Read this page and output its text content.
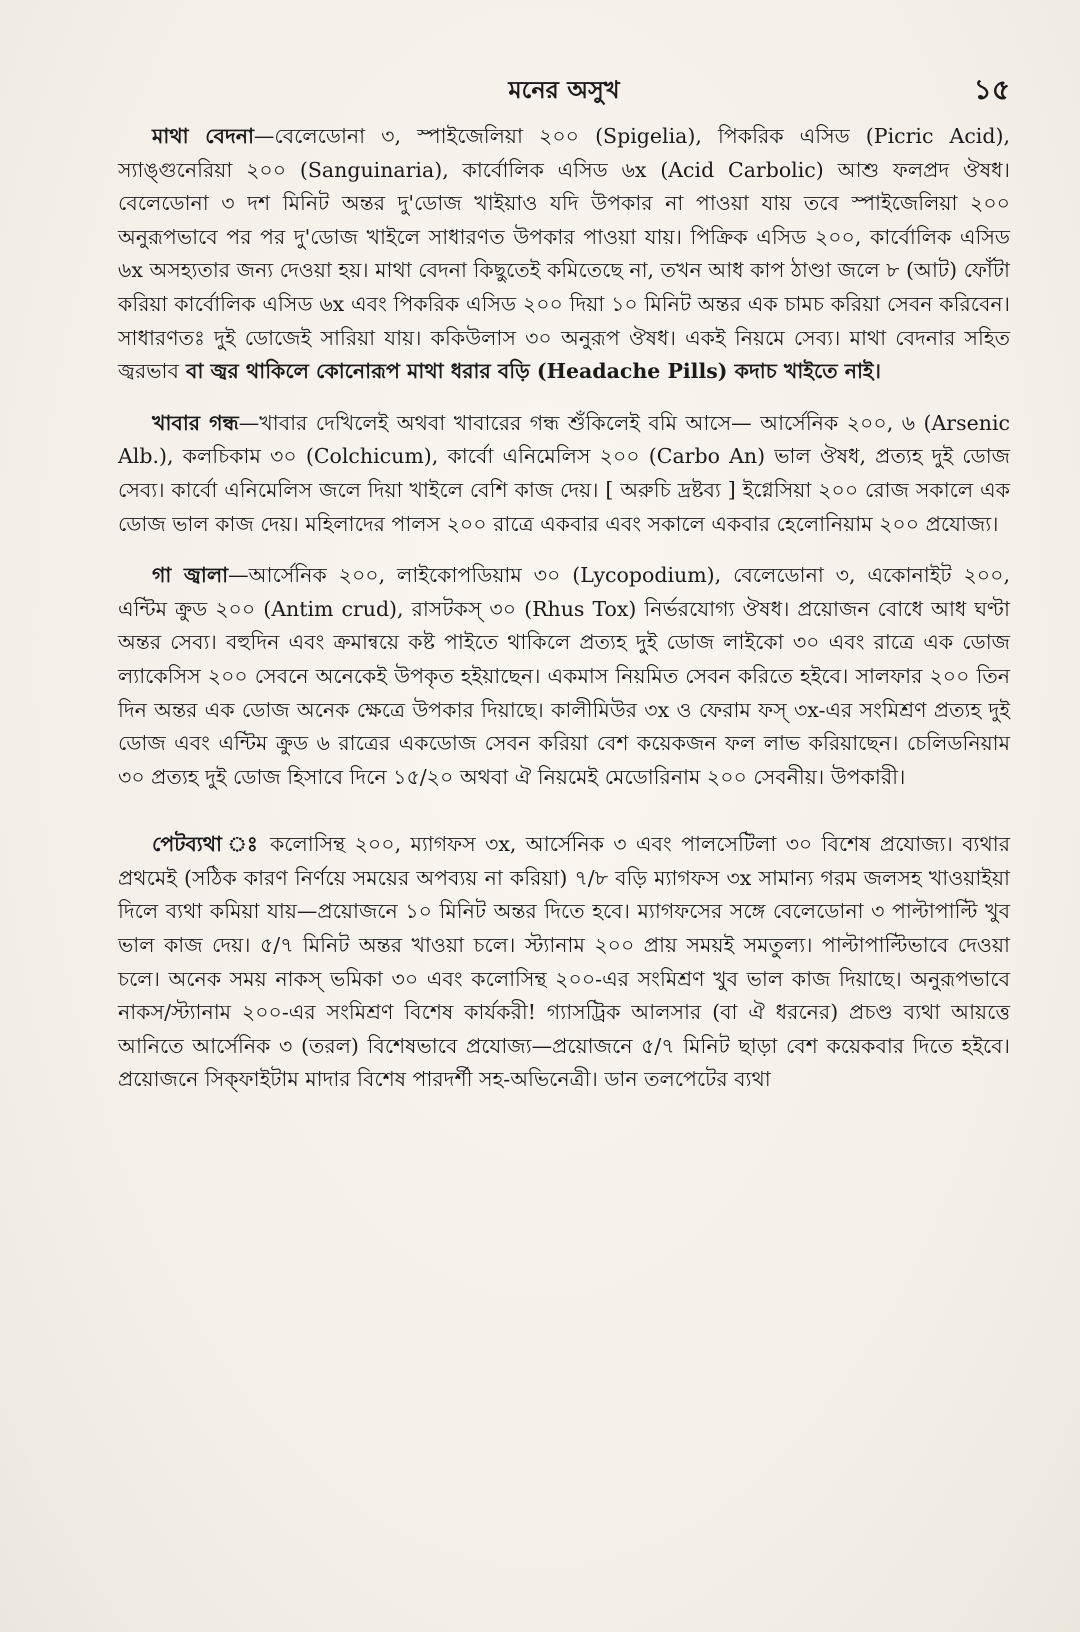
মনের অসুখ	১৫

মাথা বেদনা—বেলেডোনা ৩, স্পাইজেলিয়া ২০০ (Spigelia), পিকরিক এসিড (Picric Acid), স্যাঙ্গুনেরিয়া ২০০ (Sanguinaria), কার্বোলিক এসিড ৬x (Acid Carbolic) আশু ফলপ্রদ ঔষধ। বেলেডোনা ৩ দশ মিনিট অন্তর দু'ডোজ খাইয়াও যদি উপকার না পাওয়া যায় তবে স্পাইজেলিয়া ২০০ অনুরূপভাবে পর পর দু'ডোজ খাইলে সাধারণত উপকার পাওয়া যায়। পিক্রিক এসিড ২০০, কার্বোলিক এসিড ৬x অসহ্যতার জন্য দেওয়া হয়। মাথা বেদনা কিছুতেই কমিতেছে না, তখন আধ কাপ ঠাণ্ডা জলে ৮ (আট) ফোঁটা করিয়া কার্বোলিক এসিড ৬x এবং পিকরিক এসিড ২০০ দিয়া ১০ মিনিট অন্তর এক চামচ করিয়া সেবন করিবেন। সাধারণতঃ দুই ডোজেই সারিয়া যায়। ককিউলাস ৩০ অনুরূপ ঔষধ। একই নিয়মে সেব্য। মাথা বেদনার সহিত জ্বরভাব বা জ্বর থাকিলে কোনোরূপ মাথা ধরার বড়ি (Headache Pills) কদাচ খাইতে নাই।

খাবার গন্ধ—খাবার দেখিলেই অথবা খাবারের গন্ধ শুঁকিলেই বমি আসে— আর্সেনিক ২০০, ৬ (Arsenic Alb.), কলচিকাম ৩০ (Colchicum), কার্বো এনিমেলিস ২০০ (Carbo An) ভাল ঔষধ, প্রত্যহ দুই ডোজ সেব্য। কার্বো এনিমেলিস জলে দিয়া খাইলে বেশি কাজ দেয়। [ অরুচি দ্রষ্টব্য ] ইগ্নেসিয়া ২০০ রোজ সকালে এক ডোজ ভাল কাজ দেয়। মহিলাদের পালস ২০০ রাত্রে একবার এবং সকালে একবার হেলোনিয়াম ২০০ প্রযোজ্য।

গা জ্বালা—আর্সেনিক ২০০, লাইকোপডিয়াম ৩০ (Lycopodium), বেলেডোনা ৩, একোনাইট ২০০, এন্টিম ক্রুড ২০০ (Antim crud), রাসটকস্ ৩০ (Rhus Tox) নির্ভরযোগ্য ঔষধ। প্রয়োজন বোধে আধ ঘণ্টা অন্তর সেব্য। বহুদিন এবং ক্রমান্বয়ে কষ্ট পাইতে থাকিলে প্রত্যহ দুই ডোজ লাইকো ৩০ এবং রাত্রে এক ডোজ ল্যাকেসিস ২০০ সেবনে অনেকেই উপকৃত হইয়াছেন। একমাস নিয়মিত সেবন করিতে হইবে। সালফার ২০০ তিন দিন অন্তর এক ডোজ অনেক ক্ষেত্রে উপকার দিয়াছে। কালীমিউর ৩x ও ফেরাম ফস্ ৩x-এর সংমিশ্রণ প্রত্যহ দুই ডোজ এবং এন্টিম ক্রুড ৬ রাত্রের একডোজ সেবন করিয়া বেশ কয়েকজন ফল লাভ করিয়াছেন। চেলিডনিয়াম ৩০ প্রত্যহ দুই ডোজ হিসাবে দিনে ১৫/২০ অথবা ঐ নিয়মেই মেডোরিনাম ২০০ সেবনীয়। উপকারী।

পেটব্যথা ঃ কলোসিন্থ ২০০, ম্যাগফস ৩x, আর্সেনিক ৩ এবং পালসেটিলা ৩০ বিশেষ প্রযোজ্য। ব্যথার প্রথমেই (সঠিক কারণ নির্ণয়ে সময়ের অপব্যয় না করিয়া) ৭/৮ বড়ি ম্যাগফস ৩x সামান্য গরম জলসহ খাওয়াইয়া দিলে ব্যথা কমিয়া যায়—প্রয়োজনে ১০ মিনিট অন্তর দিতে হবে। ম্যাগফসের সঙ্গে বেলেডোনা ৩ পাল্টাপাল্টি খুব ভাল কাজ দেয়। ৫/৭ মিনিট অন্তর খাওয়া চলে। স্ট্যানাম ২০০ প্রায় সময়ই সমতুল্য। পাল্টাপাল্টিভাবে দেওয়া চলে। অনেক সময় নাকস্ ভমিকা ৩০ এবং কলোসিন্থ ২০০-এর সংমিশ্রণ খুব ভাল কাজ দিয়াছে। অনুরূপভাবে নাকস/স্ট্যানাম ২০০-এর সংমিশ্রণ বিশেষ কার্যকরী! গ্যাসট্রিক আলসার (বা ঐ ধরনের) প্রচণ্ড ব্যথা আয়ত্তে আনিতে আর্সেনিক ৩ (তরল) বিশেষভাবে প্রযোজ্য—প্রয়োজনে ৫/৭ মিনিট ছাড়া বেশ কয়েকবার দিতে হইবে। প্রয়োজনে সিক্ফাইটাম মাদার বিশেষ পারদর্শী সহ-অভিনেত্রী। ডান তলপেটের ব্যথা
